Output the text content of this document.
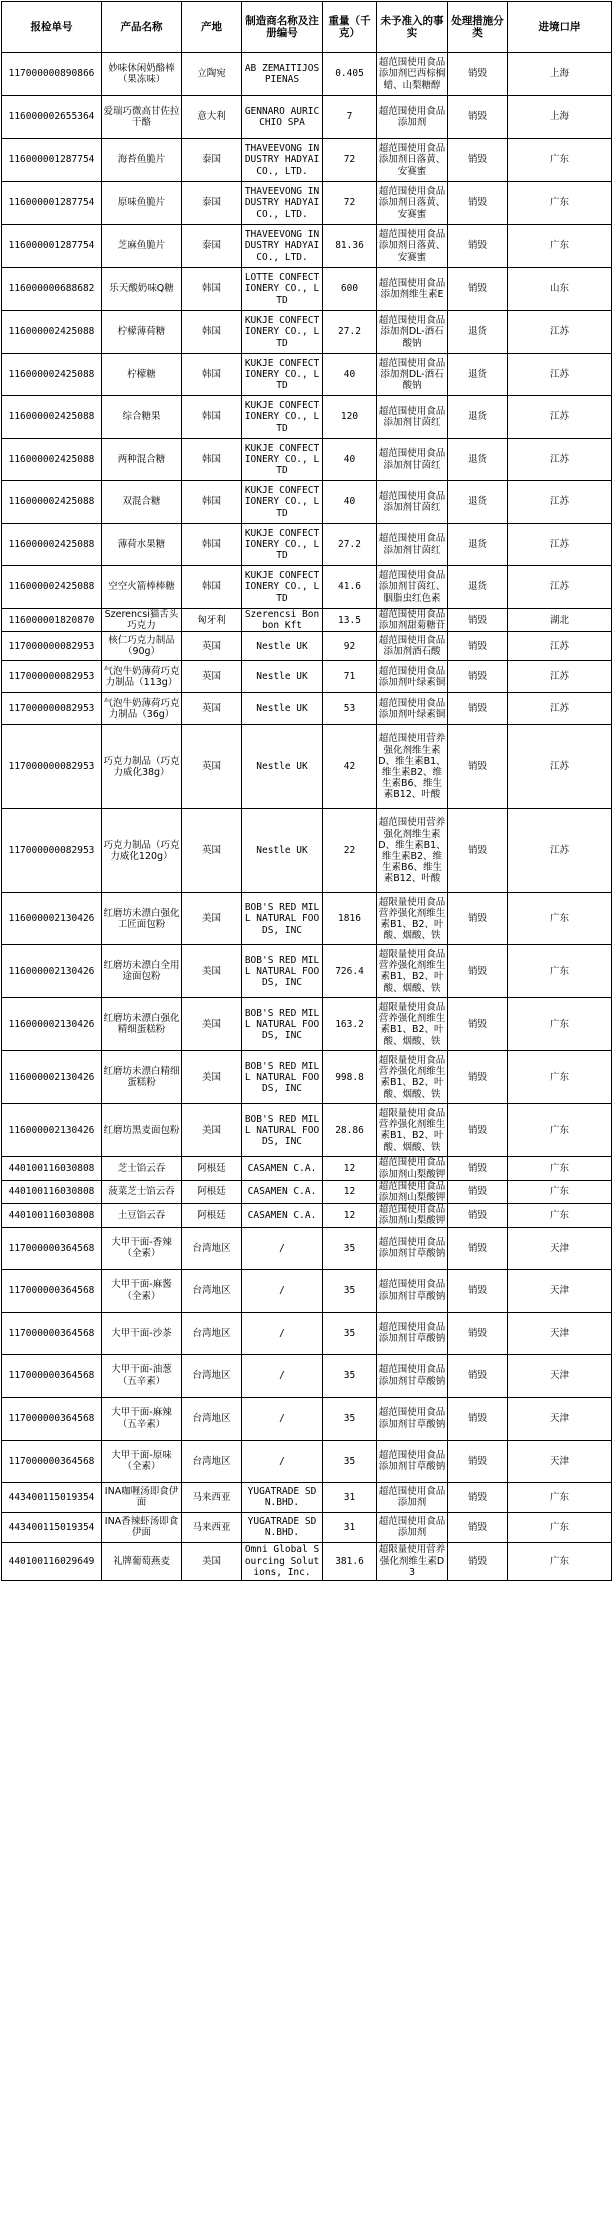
报检单号	产品名称	产地	制造商名称及注册编号	重量（千克）	未予准入的事实	处理措施分类	进境口岸
117000000890866	妙味休闲奶酪棒（果冻味）	立陶宛	AB ZEMAITIJOS PIENAS	0.405	超范围使用食品添加剂巴西棕榈蜡、山梨糖醇	销毁	上海
116000002655364	爱瑞巧微高甘佐拉干酪	意大利	GENNARO AURICCHIO SPA	7	超范围使用食品添加剂	销毁	上海
116000001287754	海苔鱼脆片	泰国	THAVEEVONG INDUSTRY HADYAI CO., LTD.	72	超范围使用食品添加剂日落黄、安赛蜜	销毁	广东
116000001287754	原味鱼脆片	泰国	THAVEEVONG INDUSTRY HADYAI CO., LTD.	72	超范围使用食品添加剂日落黄、安赛蜜	销毁	广东
116000001287754	芝麻鱼脆片	泰国	THAVEEVONG INDUSTRY HADYAI CO., LTD.	81.36	超范围使用食品添加剂日落黄、安赛蜜	销毁	广东
116000000688682	乐天酸奶味Q糖	韩国	LOTTE CONFECTIONERY CO., LTD	600	超范围使用食品添加剂维生素E	销毁	山东
116000002425088	柠檬薄荷糖	韩国	KUKJE CONFECTIONERY CO., LTD	27.2	超范围使用食品添加剂DL-酒石酸钠	退货	江苏
116000002425088	柠檬糖	韩国	KUKJE CONFECTIONERY CO., LTD	40	超范围使用食品添加剂DL-酒石酸钠	退货	江苏
116000002425088	综合糖果	韩国	KUKJE CONFECTIONERY CO., LTD	120	超范围使用食品添加剂甘茵红	退货	江苏
116000002425088	两种混合糖	韩国	KUKJE CONFECTIONERY CO., LTD	40	超范围使用食品添加剂甘茵红	退货	江苏
116000002425088	双混合糖	韩国	KUKJE CONFECTIONERY CO., LTD	40	超范围使用食品添加剂甘茵红	退货	江苏
116000002425088	薄荷水果糖	韩国	KUKJE CONFECTIONERY CO., LTD	27.2	超范围使用食品添加剂甘茵红	退货	江苏
116000002425088	空空火箭棒棒糖	韩国	KUKJE CONFECTIONERY CO., LTD	41.6	超范围使用食品添加剂甘茵红、胭脂虫红色素	退货	江苏
116000001820870	Szerencsi猫舌头巧克力	匈牙利	Szerencsi Bonbon Kft	13.5	超范围使用食品添加剂甜菊糖苷	销毁	湖北
117000000082953	核仁巧克力制品（90g）	英国	Nestle UK	92	超范围使用食品添加剂酒石酸	销毁	江苏
117000000082953	气泡牛奶薄荷巧克力制品（113g）	英国	Nestle UK	71	超范围使用食品添加剂叶绿素铜	销毁	江苏
117000000082953	气泡牛奶薄荷巧克力制品（36g）	英国	Nestle UK	53	超范围使用食品添加剂叶绿素铜	销毁	江苏
117000000082953	巧克力制品（巧克力威化38g）	英国	Nestle UK	42	超范围使用营养强化剂维生素D、维生素B1、维生素B2、维生素B6、维生素B12、叶酸	销毁	江苏
117000000082953	巧克力制品（巧克力威化120g）	英国	Nestle UK	22	超范围使用营养强化剂维生素D、维生素B1、维生素B2、维生素B6、维生素B12、叶酸	销毁	江苏
116000002130426	红磨坊未漂白强化工匠面包粉	美国	BOB'S RED MILL NATURAL FOODS, INC	1816	超限量使用食品营养强化剂维生素B1、B2、叶酸、烟酸、铁	销毁	广东
116000002130426	红磨坊未漂白全用途面包粉	美国	BOB'S RED MILL NATURAL FOODS, INC	726.4	超限量使用食品营养强化剂维生素B1、B2、叶酸、烟酸、铁	销毁	广东
116000002130426	红磨坊未漂白强化精细蛋糕粉	美国	BOB'S RED MILL NATURAL FOODS, INC	163.2	超限量使用食品营养强化剂维生素B1、B2、叶酸、烟酸、铁	销毁	广东
116000002130426	红磨坊未漂白精细蛋糕粉	美国	BOB'S RED MILL NATURAL FOODS, INC	998.8	超限量使用食品营养强化剂维生素B1、B2、叶酸、烟酸、铁	销毁	广东
116000002130426	红磨坊黑麦面包粉	美国	BOB'S RED MILL NATURAL FOODS, INC	28.86	超限量使用食品营养强化剂维生素B1、B2、叶酸、烟酸、铁	销毁	广东
440100116030808	芝士馅云吞	阿根廷	CASAMEN C.A.	12	超范围使用食品添加剂山梨酸钾	销毁	广东
440100116030808	菠菜芝士馅云吞	阿根廷	CASAMEN C.A.	12	超范围使用食品添加剂山梨酸钾	销毁	广东
440100116030808	土豆馅云吞	阿根廷	CASAMEN C.A.	12	超范围使用食品添加剂山梨酸钾	销毁	广东
117000000364568	大甲干面-香辣（全素）	台湾地区	/	35	超范围使用食品添加剂甘草酸钠	销毁	天津
117000000364568	大甲干面-麻酱（全素）	台湾地区	/	35	超范围使用食品添加剂甘草酸钠	销毁	天津
117000000364568	大甲干面-沙茶	台湾地区	/	35	超范围使用食品添加剂甘草酸钠	销毁	天津
117000000364568	大甲干面-油葱（五辛素）	台湾地区	/	35	超范围使用食品添加剂甘草酸钠	销毁	天津
117000000364568	大甲干面-麻辣（五辛素）	台湾地区	/	35	超范围使用食品添加剂甘草酸钠	销毁	天津
117000000364568	大甲干面-原味（全素）	台湾地区	/	35	超范围使用食品添加剂甘草酸钠	销毁	天津
443400115019354	INA咖喱汤即食伊面	马来西亚	YUGATRADE SDN.BHD.	31	超范围使用食品添加剂	销毁	广东
443400115019354	INA香辣虾汤即食伊面	马来西亚	YUGATRADE SDN.BHD.	31	超范围使用食品添加剂	销毁	广东
440100116029649	礼牌葡萄燕麦	美国	Omni Global Sourcing Solutions, Inc.	381.6	超限量使用营养强化剂维生素D3	销毁	广东
